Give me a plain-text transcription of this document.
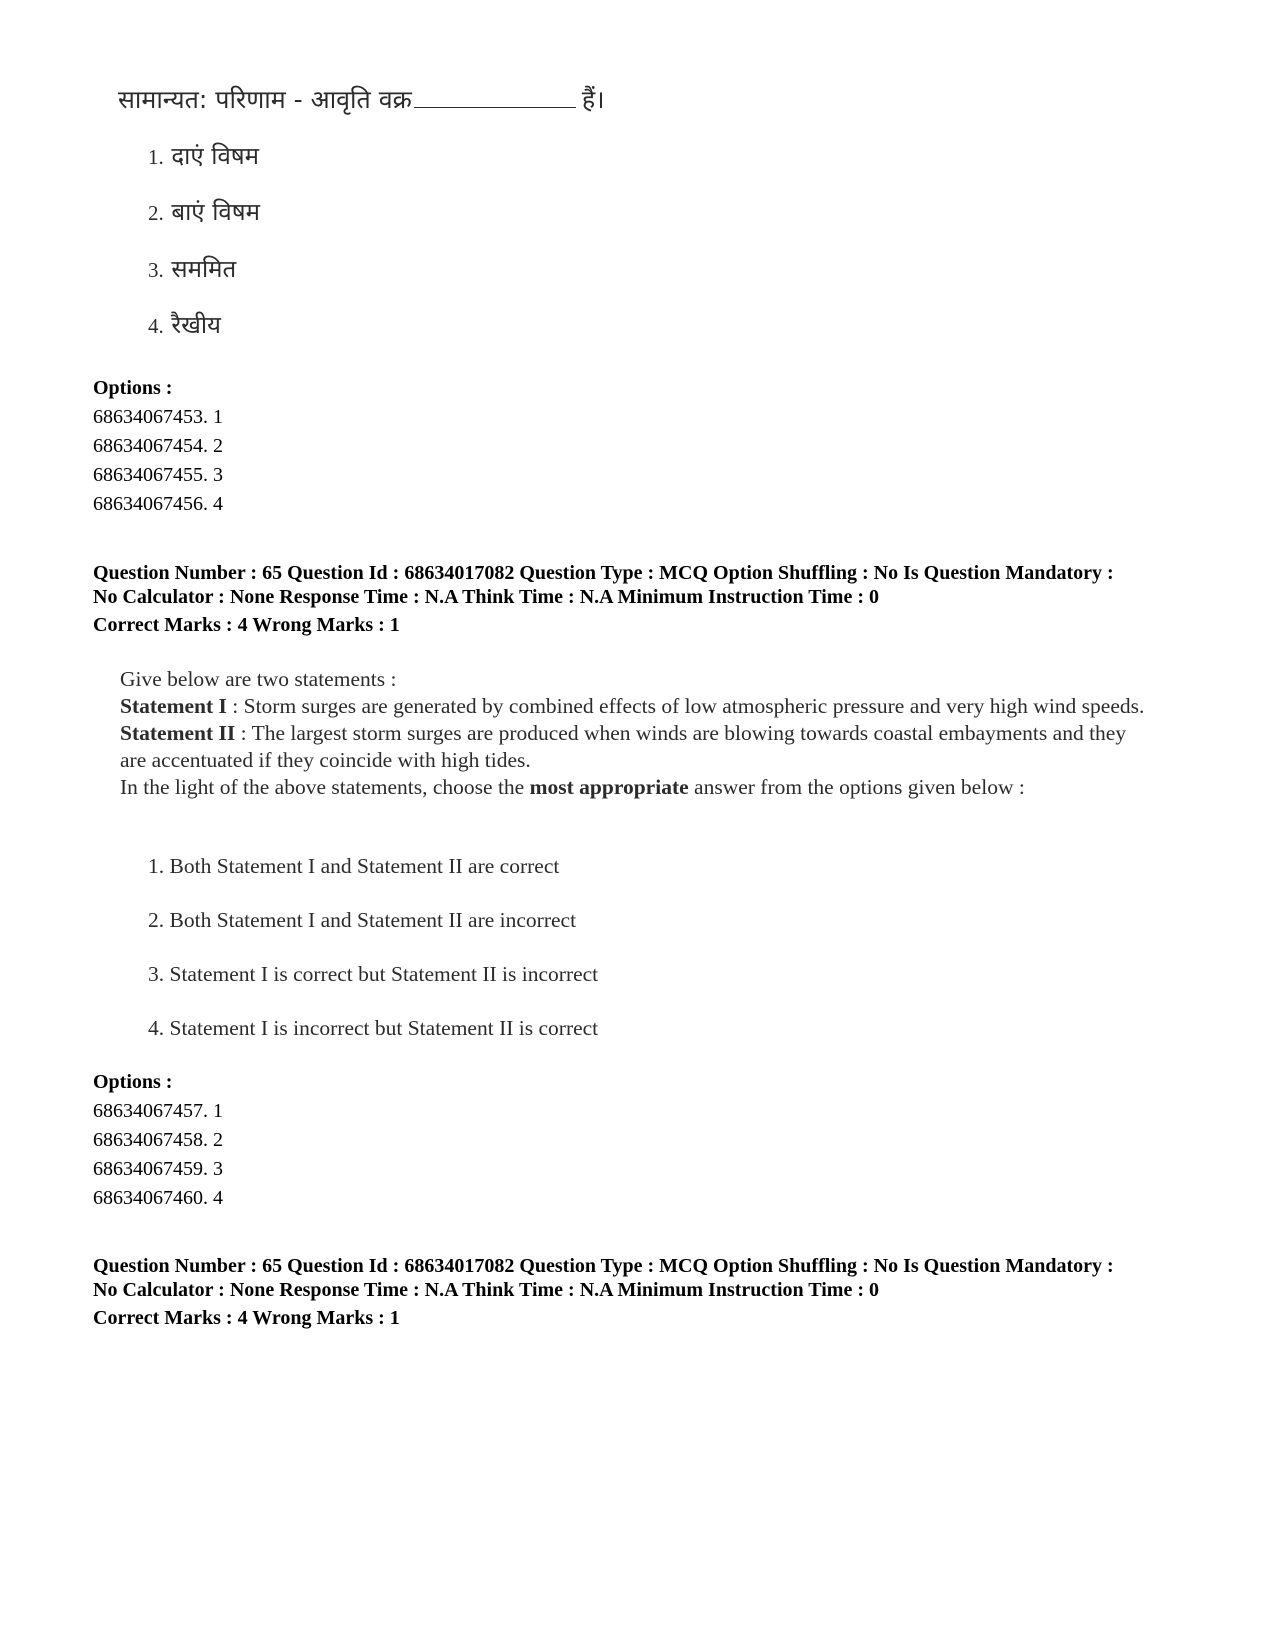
सामान्यत: परिणाम - आवृति वक्र	हैं।
1. दाएं विषम
2. बाएं विषम
3. सममित
4. रैखीय
Options :
68634067453. 1
68634067454. 2
68634067455. 3
68634067456. 4
Question Number : 65 Question Id : 68634017082 Question Type : MCQ Option Shuffling : No Is Question Mandatory :
No Calculator : None Response Time : N.A Think Time : N.A Minimum Instruction Time : 0
Correct Marks : 4 Wrong Marks : 1

Give below are two statements :

Statement I : Storm surges are generated by combined effects of low atmospheric pressure and very high wind speeds.

Statement II : The largest storm surges are produced when winds are blowing towards coastal embayments and they are accentuated if they coincide with high tides.

In the light of the above statements, choose the most appropriate answer from the options given below :

1. Both Statement I and Statement II are correct
2. Both Statement I and Statement II are incorrect
3. Statement I is correct but Statement II is incorrect
4. Statement I is incorrect but Statement II is correct
Options :
68634067457. 1
68634067458. 2
68634067459. 3
68634067460. 4
Question Number : 65 Question Id : 68634017082 Question Type : MCQ Option Shuffling : No Is Question Mandatory :
No Calculator : None Response Time : N.A Think Time : N.A Minimum Instruction Time : 0
Correct Marks : 4 Wrong Marks : 1
